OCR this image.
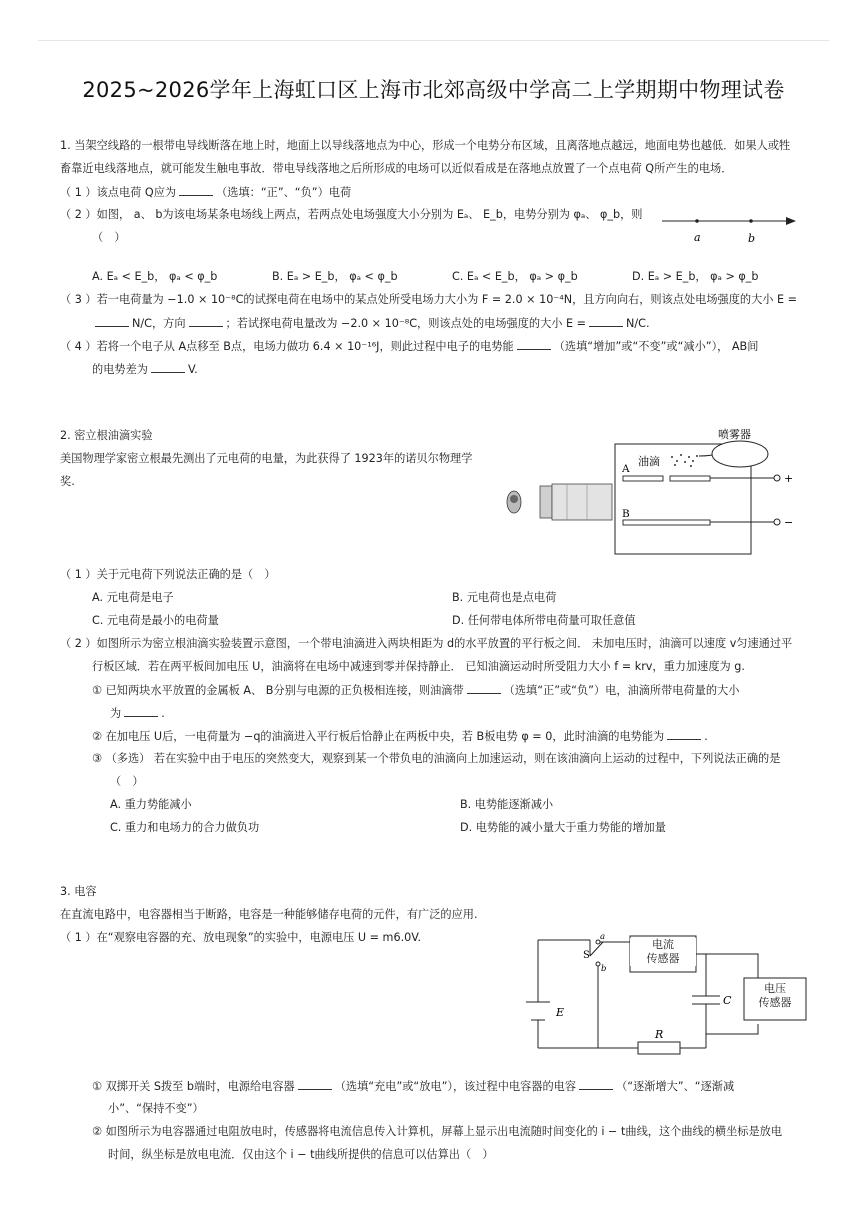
2025~2026学年上海虹口区上海市北郊高级中学高二上学期期中物理试卷
1. 当架空线路的一根带电导线断落在地上时，地面上以导线落地点为中心，形成一个电势分布区域，且离落地点越远，地面电势也越低．如果人或牲
畜靠近电线落地点，就可能发生触电事故．带电导线落地之后所形成的电场可以近似看成是在落地点放置了一个点电荷 Q所产生的电场．
（ 1 ）该点电荷 Q应为	（选填：“正”、“负”）电荷
（ 2 ）如图， a、 b为该电场某条电场线上两点，若两点处电场强度大小分别为 Eₐ、 E_b，电势分别为 φₐ、 φ_b，则
（　）	a	b
A. Eₐ < E_b， φₐ < φ_b	B. Eₐ > E_b， φₐ < φ_b	C. Eₐ < E_b， φₐ > φ_b	D. Eₐ > E_b， φₐ > φ_b
（ 3 ）若一电荷量为 −1.0 × 10⁻⁸C的试探电荷在电场中的某点处所受电场力大小为 F = 2.0 × 10⁻⁴N，且方向向右，则该点处电场强度的大小 E =
N/C，方向	；若试探电荷电量改为 −2.0 × 10⁻⁸C，则该点处的电场强度的大小 E =	N/C.
（ 4 ）若将一个电子从 A点移至 B点，电场力做功 6.4 × 10⁻¹⁶J，则此过程中电子的电势能	（选填“增加”或“不变”或“减小”）， AB间
的电势差为	V.
2. 密立根油滴实验
美国物理学家密立根最先测出了元电荷的电量，为此获得了 1923年的诺贝尔物理学
奖.	+
−
A
B
油滴
喷雾器
（ 1 ）关于元电荷下列说法正确的是（　）
A. 元电荷是电子	B. 元电荷也是点电荷
C. 元电荷是最小的电荷量	D. 任何带电体所带电荷量可取任意值
（ 2 ）如图所示为密立根油滴实验装置示意图，一个带电油滴进入两块相距为 d的水平放置的平行板之间． 未加电压时，油滴可以速度 v匀速通过平
行板区域．若在两平板间加电压 U，油滴将在电场中减速到零并保持静止． 已知油滴运动时所受阻力大小 f = krv，重力加速度为 g.
① 已知两块水平放置的金属板 A、 B分别与电源的正负极相连接，则油滴带	（选填“正”或“负”）电，油滴所带电荷量的大小
为	.
② 在加电压 U后，一电荷量为 −q的油滴进入平行板后恰静止在两板中央，若 B板电势 φ = 0，此时油滴的电势能为	.
③ （多选） 若在实验中由于电压的突然变大，观察到某一个带负电的油滴向上加速运动，则在该油滴向上运动的过程中，下列说法正确的是
（　）
A. 重力势能减小	B. 电势能逐渐减小
C. 重力和电场力的合力做负功	D. 电势能的减小量大于重力势能的增加量
3. 电容
在直流电路中，电容器相当于断路，电容是一种能够储存电荷的元件，有广泛的应用.
（ 1 ）在“观察电容器的充、放电现象”的实验中，电源电压 U = m6.0V.
S
a
b
C
E
R
电流
传感器
电压
传感器
① 双掷开关 S拨至 b端时，电源给电容器	（选填“充电”或“放电”），该过程中电容器的电容	（“逐渐增大”、“逐渐减
小”、“保持不变”）
② 如图所示为电容器通过电阻放电时，传感器将电流信息传入计算机，屏幕上显示出电流随时间变化的 i − t曲线，这个曲线的横坐标是放电
时间，纵坐标是放电电流．仅由这个 i − t曲线所提供的信息可以估算出（　）
